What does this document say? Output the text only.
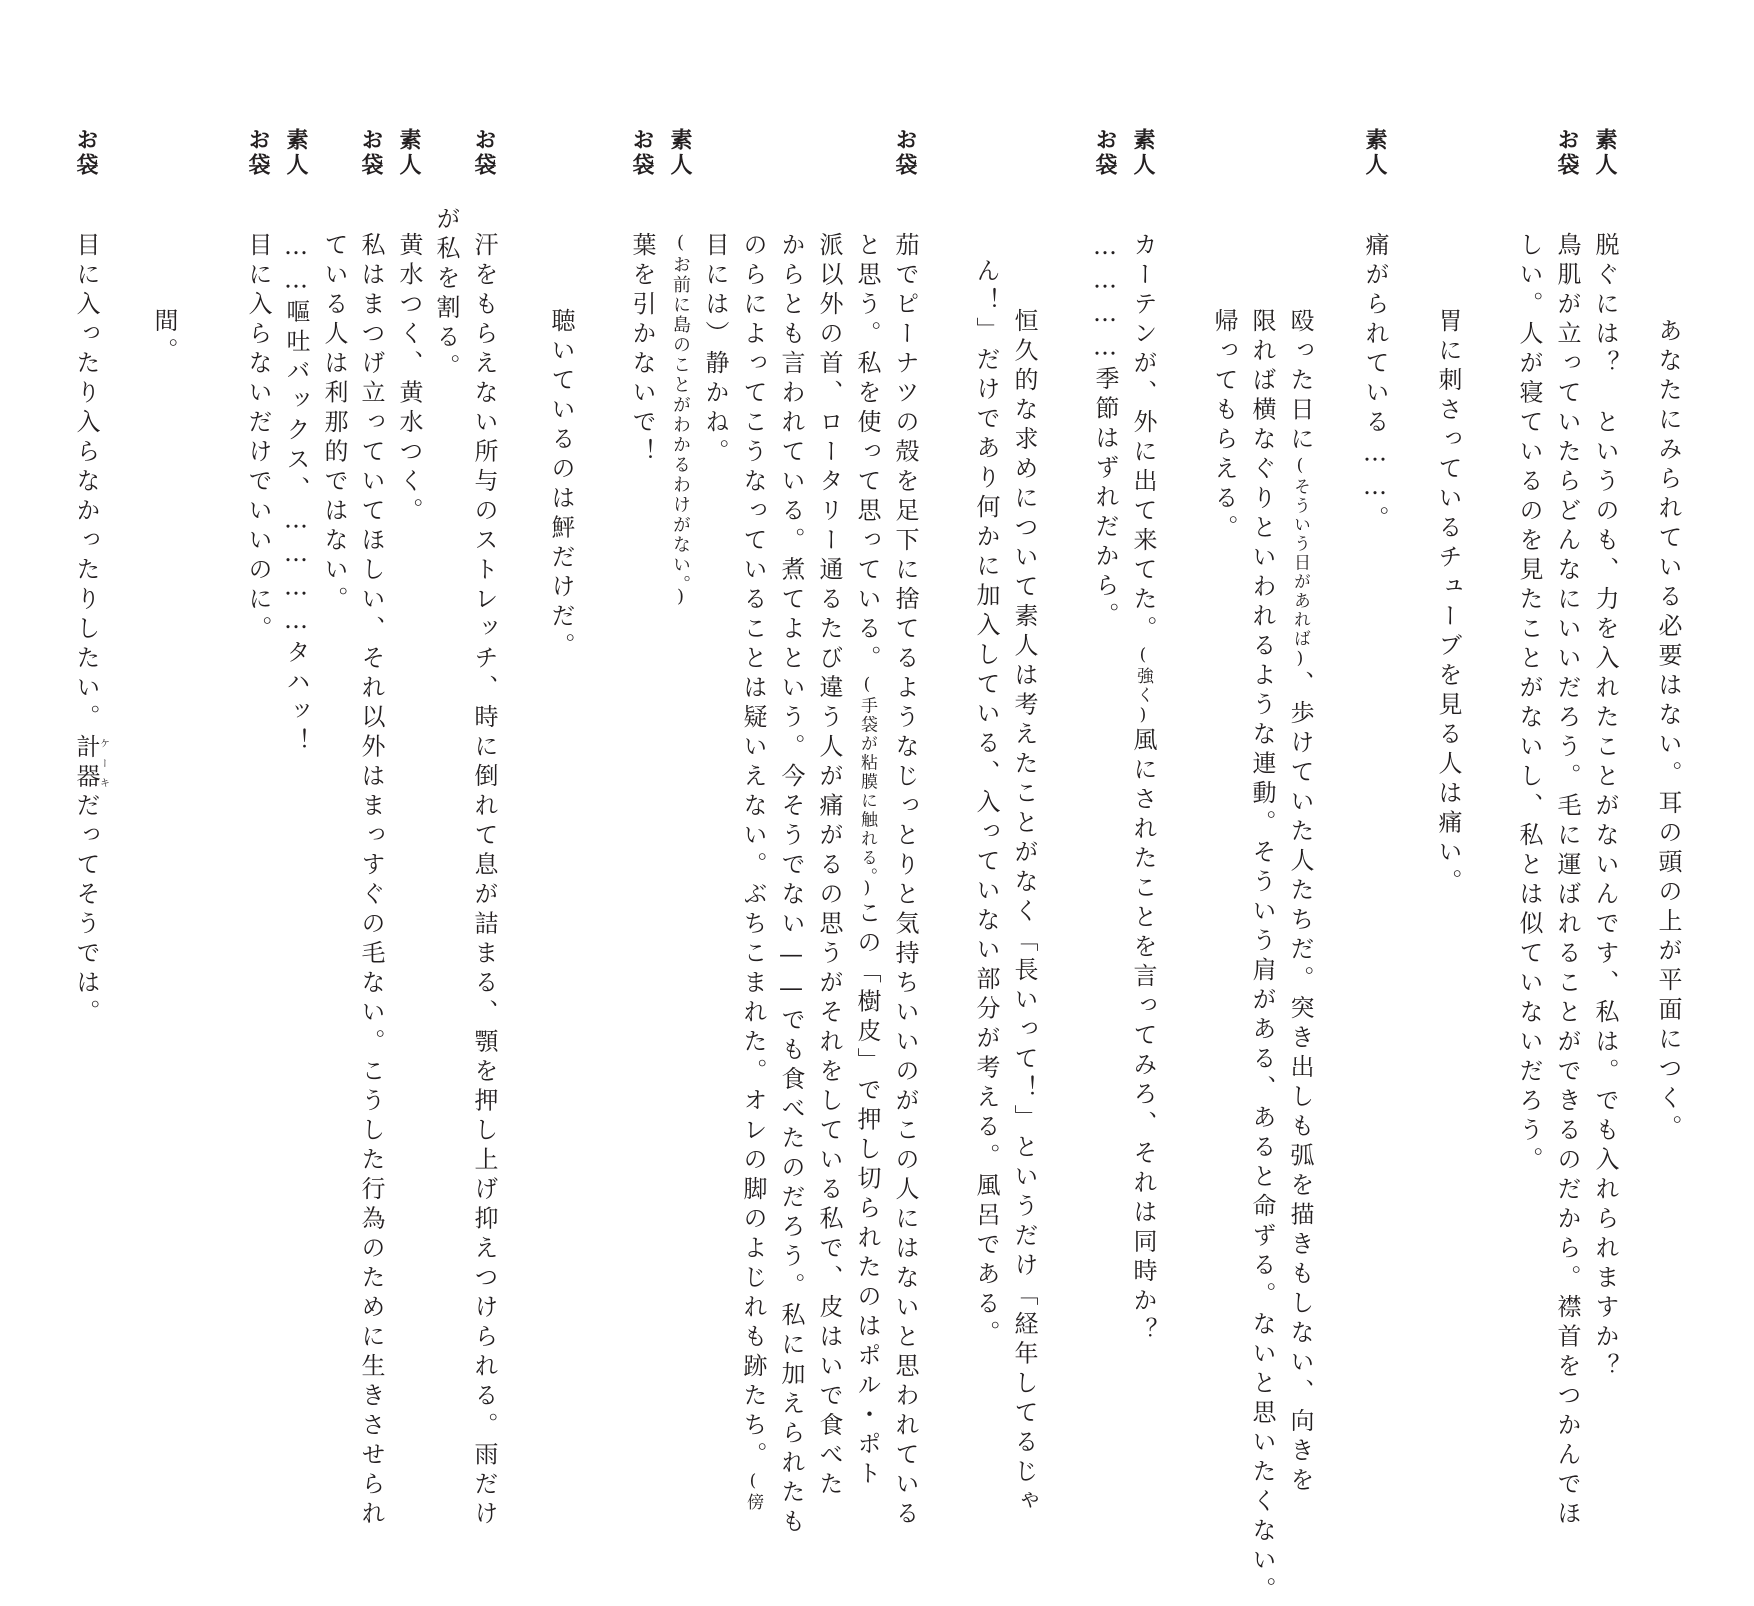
素人
お袋
素人
素人
お袋
お袋
素人
お袋
お袋
素人
お袋
素人
お袋
お袋
あなたにみられている必要はない。耳の頭の上が平面につく。
脱ぐには？　というのも、力を入れたことがないんです、私は。でも入れられますか？
鳥肌が立っていたらどんなにいいだろう。毛に運ばれることができるのだから。襟首をつかんでほ
しい。人が寝ているのを見たことがないし、私とは似ていないだろう。
胃に刺さっているチューブを見る人は痛い。
痛がられている……。
殴った日に(そういう日があれば)、歩けていた人たちだ。突き出しも弧を描きもしない、向きを
限れば横なぐりといわれるような連動。そういう肩がある、あると命ずる。ないと思いたくない。
帰ってもらえる。
カーテンが、外に出て来てた。(強く)風にされたことを言ってみろ、それは同時か？
…………季節はずれだから。
恒久的な求めについて素人は考えたことがなく「長いって！」というだけ「経年してるじゃ
ん！」だけであり何かに加入している、入っていない部分が考える。風呂である。
茄でピーナツの殻を足下に捨てるようなじっとりと気持ちいいのがこの人にはないと思われている
と思う。私を使って思っている。(手袋が粘膜に触れる。)この「樹皮」で押し切られたのはポル・ポト
派以外の首、ロータリー通るたび違う人が痛がるの思うがそれをしている私で、皮はいで食べた
からとも言われている。煮てよという。今そうでない——でも食べたのだろう。私に加えられたも
のらによってこうなっていることは疑いえない。ぶちこまれた。オレの脚のよじれも跡たち。(傍
目には）静かね。
(お前に島のことがわかるわけがない。)
葉を引かないで！
聴いているのは鮃だけだ。
汗をもらえない所与のストレッチ、時に倒れて息が詰まる、顎を押し上げ抑えつけられる。雨だけ
が私を割る。
黄水つく、黄水つく。
私はまつげ立っていてほしい、それ以外はまっすぐの毛ない。こうした行為のために生きさせられ
ている人は利那的ではない。
……嘔吐バックス、…………タハッ！
目に入らないだけでいいのに。
間。
目に入ったり入らなかったりしたい。計器ケーキだってそうでは。
